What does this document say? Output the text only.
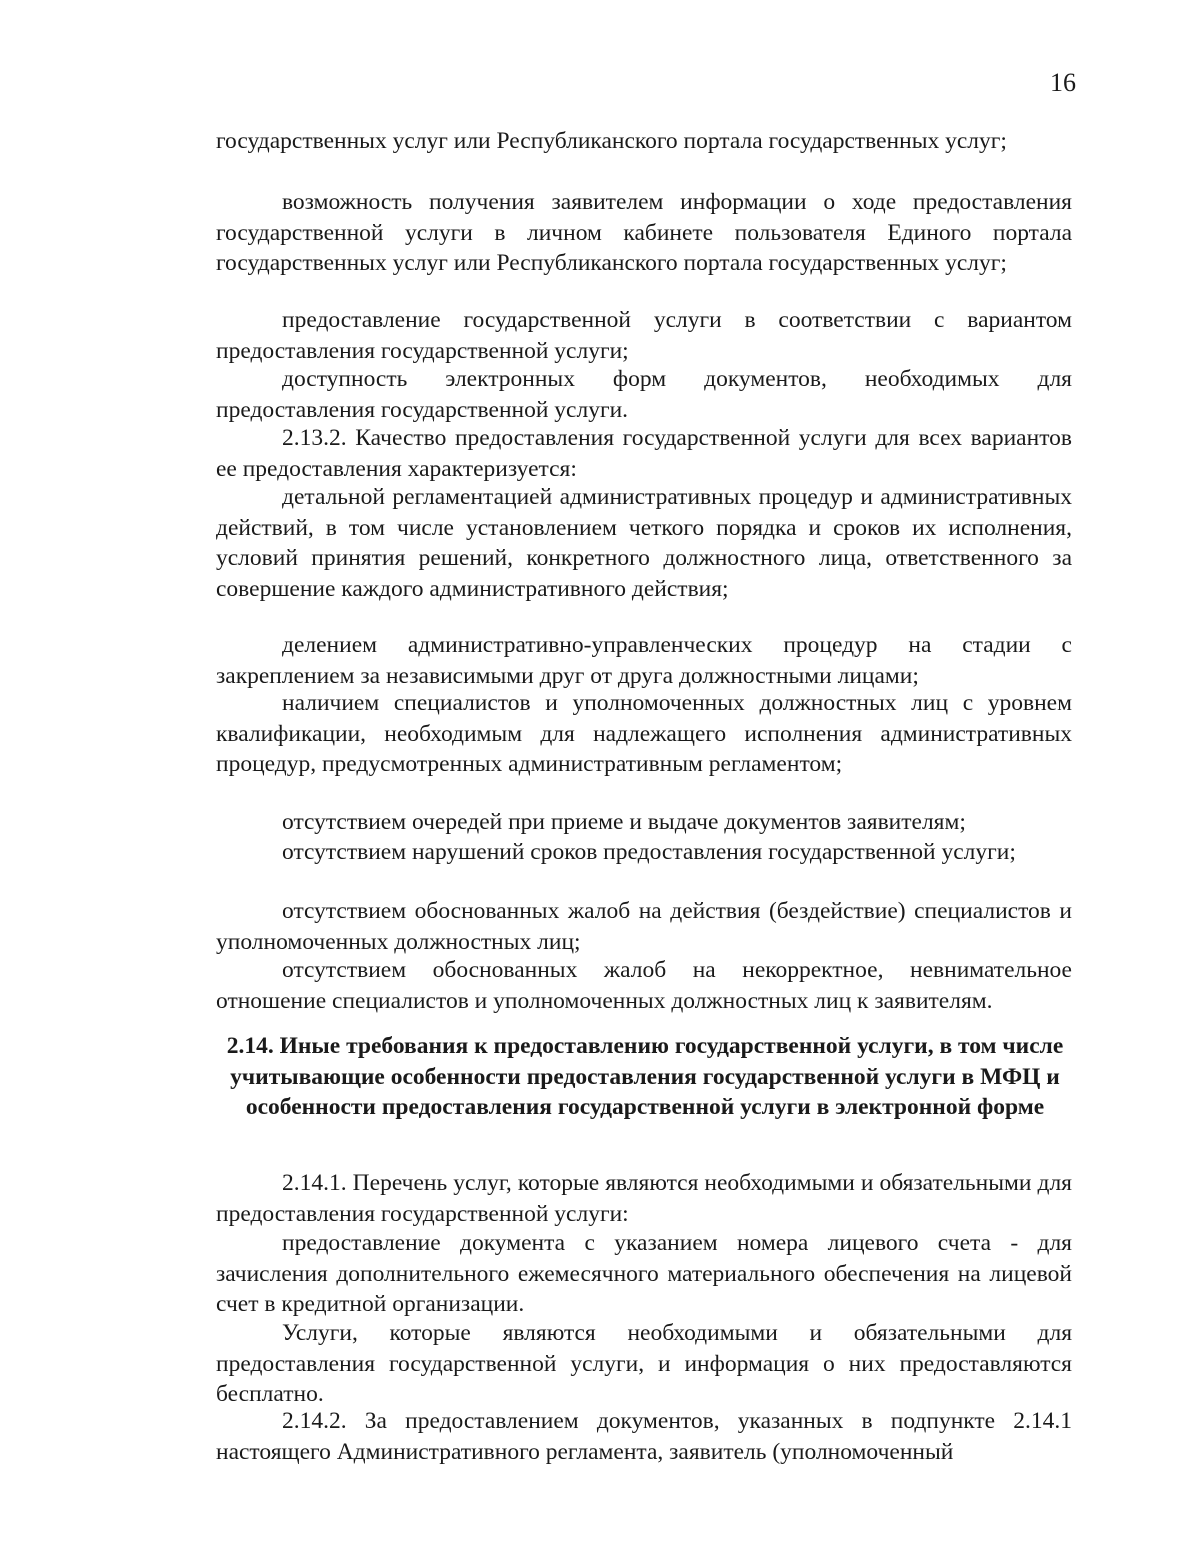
16
государственных услуг или Республиканского портала государственных услуг;
возможность получения заявителем информации о ходе предоставления государственной услуги в личном кабинете пользователя Единого портала государственных услуг или Республиканского портала государственных услуг;
предоставление государственной услуги в соответствии с вариантом предоставления государственной услуги;
доступность электронных форм документов, необходимых для предоставления государственной услуги.
2.13.2. Качество предоставления государственной услуги для всех вариантов ее предоставления характеризуется:
детальной регламентацией административных процедур и административных действий, в том числе установлением четкого порядка и сроков их исполнения, условий принятия решений, конкретного должностного лица, ответственного за совершение каждого административного действия;
делением административно-управленческих процедур на стадии с закреплением за независимыми друг от друга должностными лицами;
наличием специалистов и уполномоченных должностных лиц с уровнем квалификации, необходимым для надлежащего исполнения административных процедур, предусмотренных административным регламентом;
отсутствием очередей при приеме и выдаче документов заявителям;
отсутствием нарушений сроков предоставления государственной услуги;
отсутствием обоснованных жалоб на действия (бездействие) специалистов и уполномоченных должностных лиц;
отсутствием обоснованных жалоб на некорректное, невнимательное отношение специалистов и уполномоченных должностных лиц к заявителям.
2.14. Иные требования к предоставлению государственной услуги, в том числе учитывающие особенности предоставления государственной услуги в МФЦ и особенности предоставления государственной услуги в электронной форме
2.14.1. Перечень услуг, которые являются необходимыми и обязательными для предоставления государственной услуги:
предоставление документа с указанием номера лицевого счета - для зачисления дополнительного ежемесячного материального обеспечения на лицевой счет в кредитной организации.
Услуги, которые являются необходимыми и обязательными для предоставления государственной услуги, и информация о них предоставляются бесплатно.
2.14.2. За предоставлением документов, указанных в подпункте 2.14.1 настоящего Административного регламента, заявитель (уполномоченный
